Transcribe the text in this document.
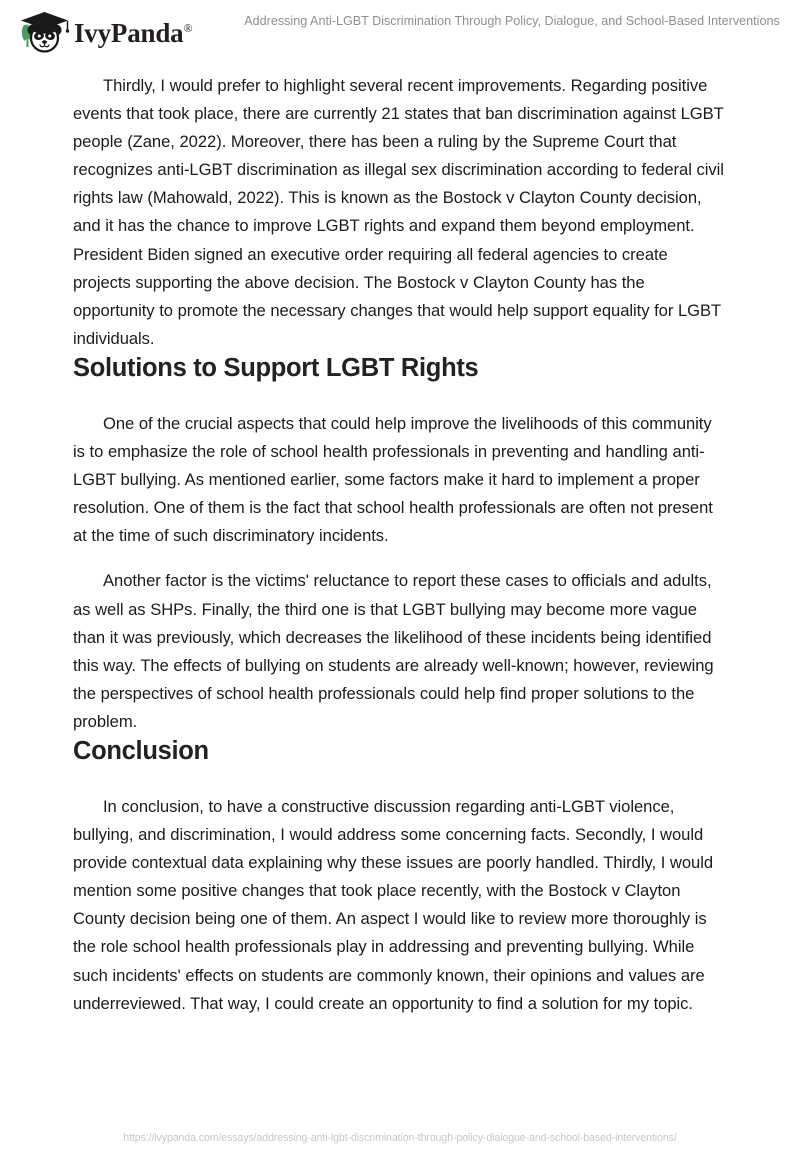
IvyPanda®	Addressing Anti-LGBT Discrimination Through Policy, Dialogue, and School-Based Interventions

Thirdly, I would prefer to highlight several recent improvements. Regarding positive events that took place, there are currently 21 states that ban discrimination against LGBT people (Zane, 2022). Moreover, there has been a ruling by the Supreme Court that recognizes anti-LGBT discrimination as illegal sex discrimination according to federal civil rights law (Mahowald, 2022). This is known as the Bostock v Clayton County decision, and it has the chance to improve LGBT rights and expand them beyond employment. President Biden signed an executive order requiring all federal agencies to create projects supporting the above decision. The Bostock v Clayton County has the opportunity to promote the necessary changes that would help support equality for LGBT individuals.

Solutions to Support LGBT Rights

One of the crucial aspects that could help improve the livelihoods of this community is to emphasize the role of school health professionals in preventing and handling anti-LGBT bullying. As mentioned earlier, some factors make it hard to implement a proper resolution. One of them is the fact that school health professionals are often not present at the time of such discriminatory incidents.

Another factor is the victims' reluctance to report these cases to officials and adults, as well as SHPs. Finally, the third one is that LGBT bullying may become more vague than it was previously, which decreases the likelihood of these incidents being identified this way. The effects of bullying on students are already well-known; however, reviewing the perspectives of school health professionals could help find proper solutions to the problem.

Conclusion

In conclusion, to have a constructive discussion regarding anti-LGBT violence, bullying, and discrimination, I would address some concerning facts. Secondly, I would provide contextual data explaining why these issues are poorly handled. Thirdly, I would mention some positive changes that took place recently, with the Bostock v Clayton County decision being one of them. An aspect I would like to review more thoroughly is the role school health professionals play in addressing and preventing bullying. While such incidents' effects on students are commonly known, their opinions and values are underreviewed. That way, I could create an opportunity to find a solution for my topic.

https://ivypanda.com/essays/addressing-anti-lgbt-discrimination-through-policy-dialogue-and-school-based-interventions/
